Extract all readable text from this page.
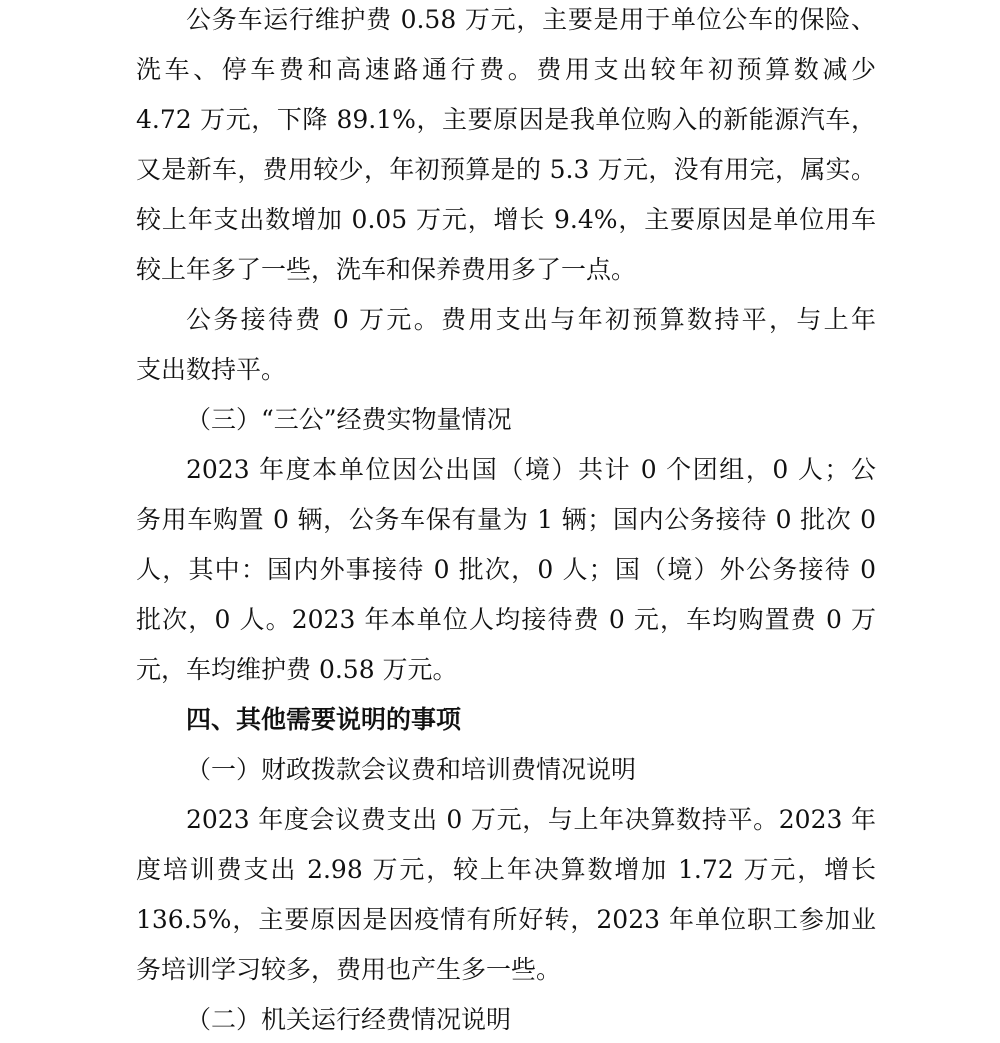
公务车运行维护费 0.58 万元，主要是用于单位公车的保险、
洗车、停车费和高速路通行费。费用支出较年初预算数减少
4.72 万元，下降 89.1%，主要原因是我单位购入的新能源汽车，
又是新车，费用较少，年初预算是的 5.3 万元，没有用完，属实。
较上年支出数增加 0.05 万元，增长 9.4%，主要原因是单位用车
较上年多了一些，洗车和保养费用多了一点。
公务接待费 0 万元。费用支出与年初预算数持平，与上年
支出数持平。
（三）“三公”经费实物量情况
2023 年度本单位因公出国（境）共计 0 个团组，0 人；公
务用车购置 0 辆，公务车保有量为 1 辆；国内公务接待 0 批次 0
人，其中：国内外事接待 0 批次，0 人；国（境）外公务接待 0
批次，0 人。2023 年本单位人均接待费 0 元，车均购置费 0 万
元，车均维护费 0.58 万元。
四、其他需要说明的事项
（一）财政拨款会议费和培训费情况说明
2023 年度会议费支出 0 万元，与上年决算数持平。2023 年
度培训费支出 2.98 万元，较上年决算数增加 1.72 万元，增长
136.5%，主要原因是因疫情有所好转，2023 年单位职工参加业
务培训学习较多，费用也产生多一些。
（二）机关运行经费情况说明
